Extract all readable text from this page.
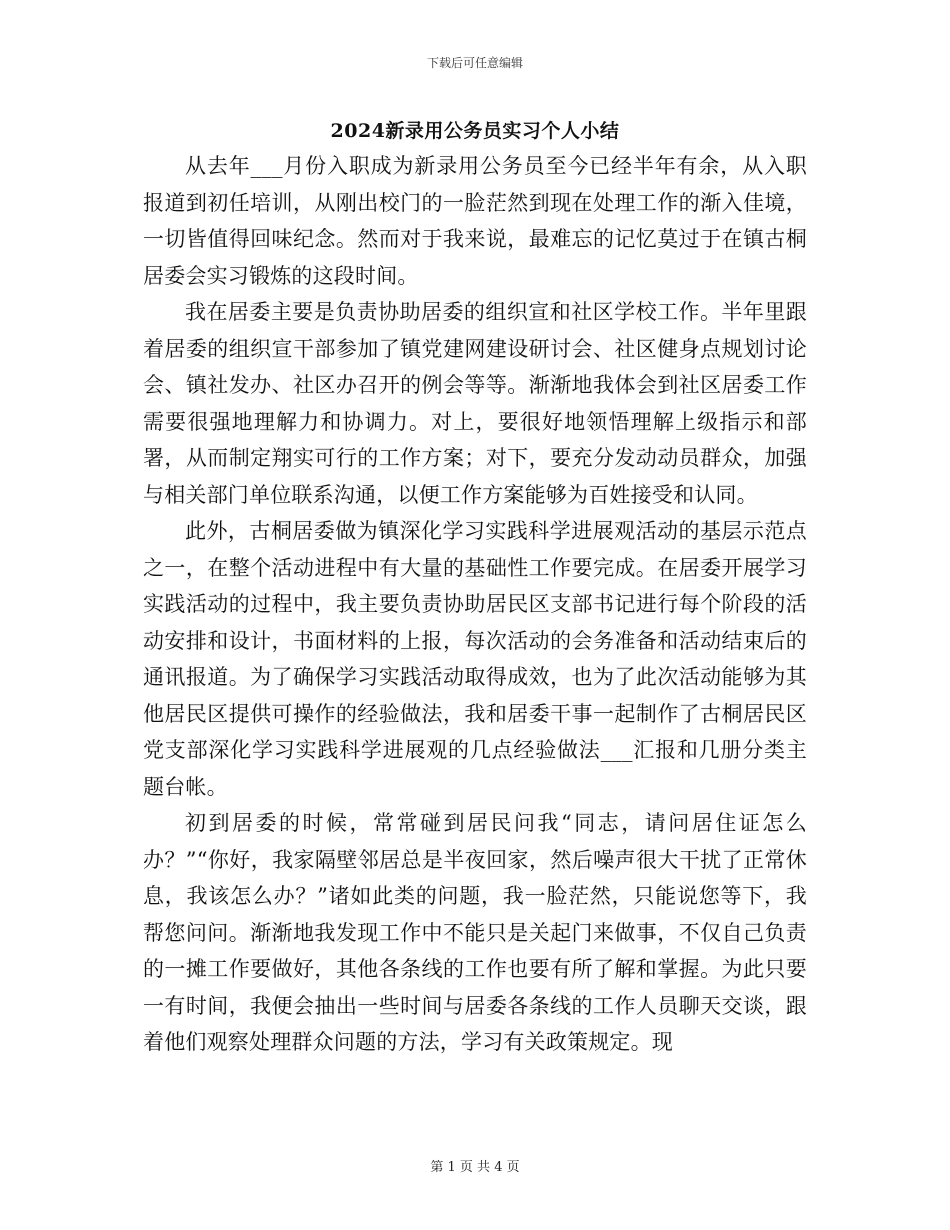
下载后可任意编辑
2024新录用公务员实习个人小结

从去年___月份入职成为新录用公务员至今已经半年有余，从入职报道到初任培训，从刚出校门的一脸茫然到现在处理工作的渐入佳境，一切皆值得回味纪念。然而对于我来说，最难忘的记忆莫过于在镇古桐居委会实习锻炼的这段时间。

我在居委主要是负责协助居委的组织宣和社区学校工作。半年里跟着居委的组织宣干部参加了镇党建网建设研讨会、社区健身点规划讨论会、镇社发办、社区办召开的例会等等。渐渐地我体会到社区居委工作需要很强地理解力和协调力。对上，要很好地领悟理解上级指示和部署，从而制定翔实可行的工作方案；对下，要充分发动动员群众，加强与相关部门单位联系沟通，以便工作方案能够为百姓接受和认同。

此外，古桐居委做为镇深化学习实践科学进展观活动的基层示范点之一，在整个活动进程中有大量的基础性工作要完成。在居委开展学习实践活动的过程中，我主要负责协助居民区支部书记进行每个阶段的活动安排和设计，书面材料的上报，每次活动的会务准备和活动结束后的通讯报道。为了确保学习实践活动取得成效，也为了此次活动能够为其他居民区提供可操作的经验做法，我和居委干事一起制作了古桐居民区党支部深化学习实践科学进展观的几点经验做法___汇报和几册分类主题台帐。

初到居委的时候，常常碰到居民问我“同志，请问居住证怎么办？”“你好，我家隔壁邻居总是半夜回家，然后噪声很大干扰了正常休息，我该怎么办？”诸如此类的问题，我一脸茫然，只能说您等下，我帮您问问。渐渐地我发现工作中不能只是关起门来做事，不仅自己负责的一摊工作要做好，其他各条线的工作也要有所了解和掌握。为此只要一有时间，我便会抽出一些时间与居委各条线的工作人员聊天交谈，跟着他们观察处理群众问题的方法，学习有关政策规定。现

第 1 页 共 4 页
